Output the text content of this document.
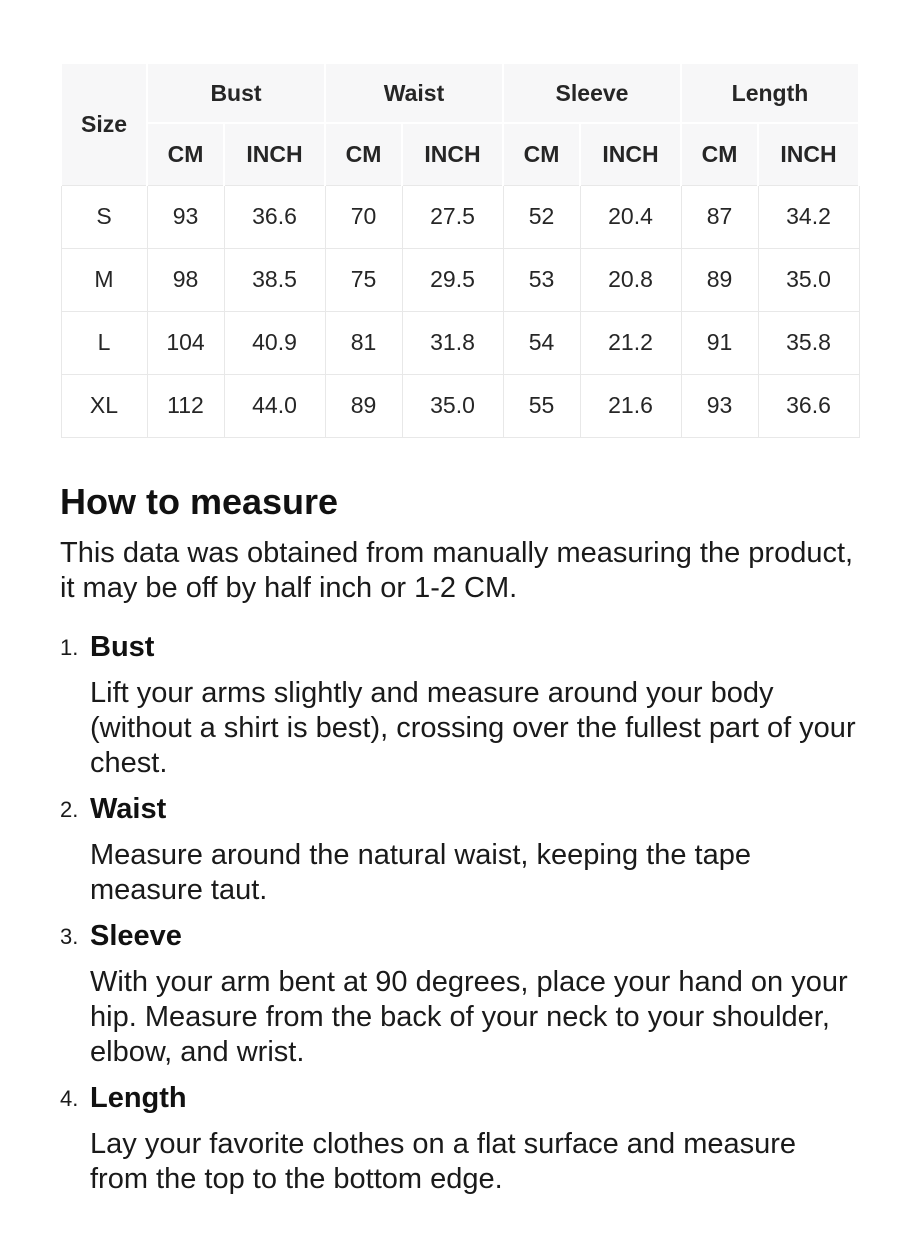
Size	Bust		Waist		Sleeve		Length	
	CM	INCH	CM	INCH	CM	INCH	CM	INCH
S	93	36.6	70	27.5	52	20.4	87	34.2
M	98	38.5	75	29.5	53	20.8	89	35.0
L	104	40.9	81	31.8	54	21.2	91	35.8
XL	112	44.0	89	35.0	55	21.6	93	36.6
How to measure

This data was obtained from manually measuring the product, it may be off by half inch or 1-2 CM.

1. Bust
Lift your arms slightly and measure around your body (without a shirt is best), crossing over the fullest part of your chest.
2. Waist
Measure around the natural waist, keeping the tape measure taut.
3. Sleeve
With your arm bent at 90 degrees, place your hand on your hip. Measure from the back of your neck to your shoulder, elbow, and wrist.
4. Length
Lay your favorite clothes on a flat surface and measure from the top to the bottom edge.
